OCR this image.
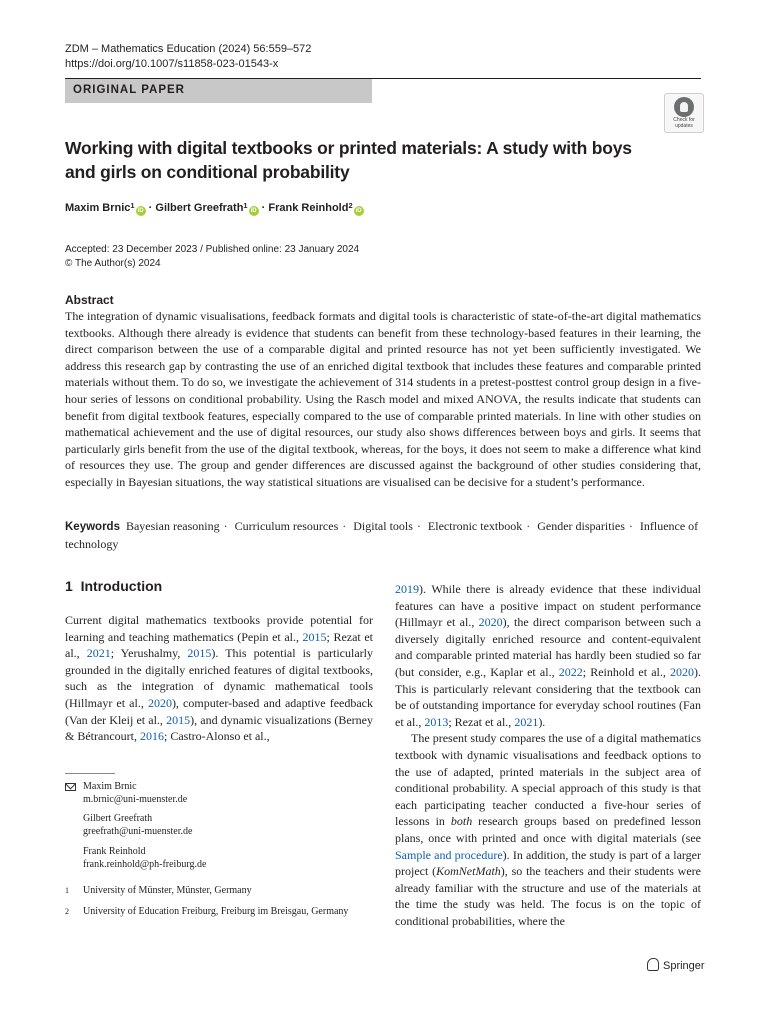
ZDM – Mathematics Education (2024) 56:559–572
https://doi.org/10.1007/s11858-023-01543-x
ORIGINAL PAPER
Check for
updates
Working with digital textbooks or printed materials: A study with boys and girls on conditional probability
Maxim Brnic$^1$iD · Gilbert Greefrath$^1$iD · Frank Reinhold$^2$iD
Accepted: 23 December 2023 / Published online: 23 January 2024
© The Author(s) 2024
Abstract
The integration of dynamic visualisations, feedback formats and digital tools is characteristic of state-of-the-art digital mathematics textbooks. Although there already is evidence that students can benefit from these technology-based features in their learning, the direct comparison between the use of a comparable digital and printed resource has not yet been sufficiently investigated. We address this research gap by contrasting the use of an enriched digital textbook that includes these features and comparable printed materials without them. To do so, we investigate the achievement of 314 students in a pretest-posttest control group design in a five-hour series of lessons on conditional probability. Using the Rasch model and mixed ANOVA, the results indicate that students can benefit from digital textbook features, especially compared to the use of comparable printed materials. In line with other studies on mathematical achievement and the use of digital resources, our study also shows differences between boys and girls. It seems that particularly girls benefit from the use of the digital textbook, whereas, for the boys, it does not seem to make a difference what kind of resources they use. The group and gender differences are discussed against the background of other studies considering that, especially in Bayesian situations, the way statistical situations are visualised can be decisive for a student’s performance.
Keywords Bayesian reasoning · Curriculum resources · Digital tools · Electronic textbook · Gender disparities · Influence of technology
1 Introduction

Current digital mathematics textbooks provide potential for learning and teaching mathematics (Pepin et al., 2015; Rezat et al., 2021; Yerushalmy, 2015). This potential is particularly grounded in the digitally enriched features of digital textbooks, such as the integration of dynamic mathematical tools (Hillmayr et al., 2020), computer-based and adaptive feedback (Van der Kleij et al., 2015), and dynamic visualizations (Berney & Bétrancourt, 2016; Castro-Alonso et al.,

2019). While there is already evidence that these individual features can have a positive impact on student performance (Hillmayr et al., 2020), the direct comparison between such a diversely digitally enriched resource and content-equivalent and comparable printed material has hardly been studied so far (but consider, e.g., Kaplar et al., 2022; Reinhold et al., 2020). This is particularly relevant considering that the textbook can be of outstanding importance for everyday school routines (Fan et al., 2013; Rezat et al., 2021).

The present study compares the use of a digital mathematics textbook with dynamic visualisations and feedback options to the use of adapted, printed materials in the subject area of conditional probability. A special approach of this study is that each participating teacher conducted a five-hour series of lessons in both research groups based on predefined lesson plans, once with printed and once with digital materials (see Sample and procedure). In addition, the study is part of a larger project (KomNetMath), so the teachers and their students were already familiar with the structure and use of the materials at the time the study was held. The focus is on the topic of conditional probabilities, where the

Maxim Brnic
m.brnic@uni-muenster.de
Gilbert Greefrath
greefrath@uni-muenster.de
Frank Reinhold
frank.reinhold@ph-freiburg.de
1 University of Münster, Münster, Germany
2 University of Education Freiburg, Freiburg im Breisgau, Germany
Springer
